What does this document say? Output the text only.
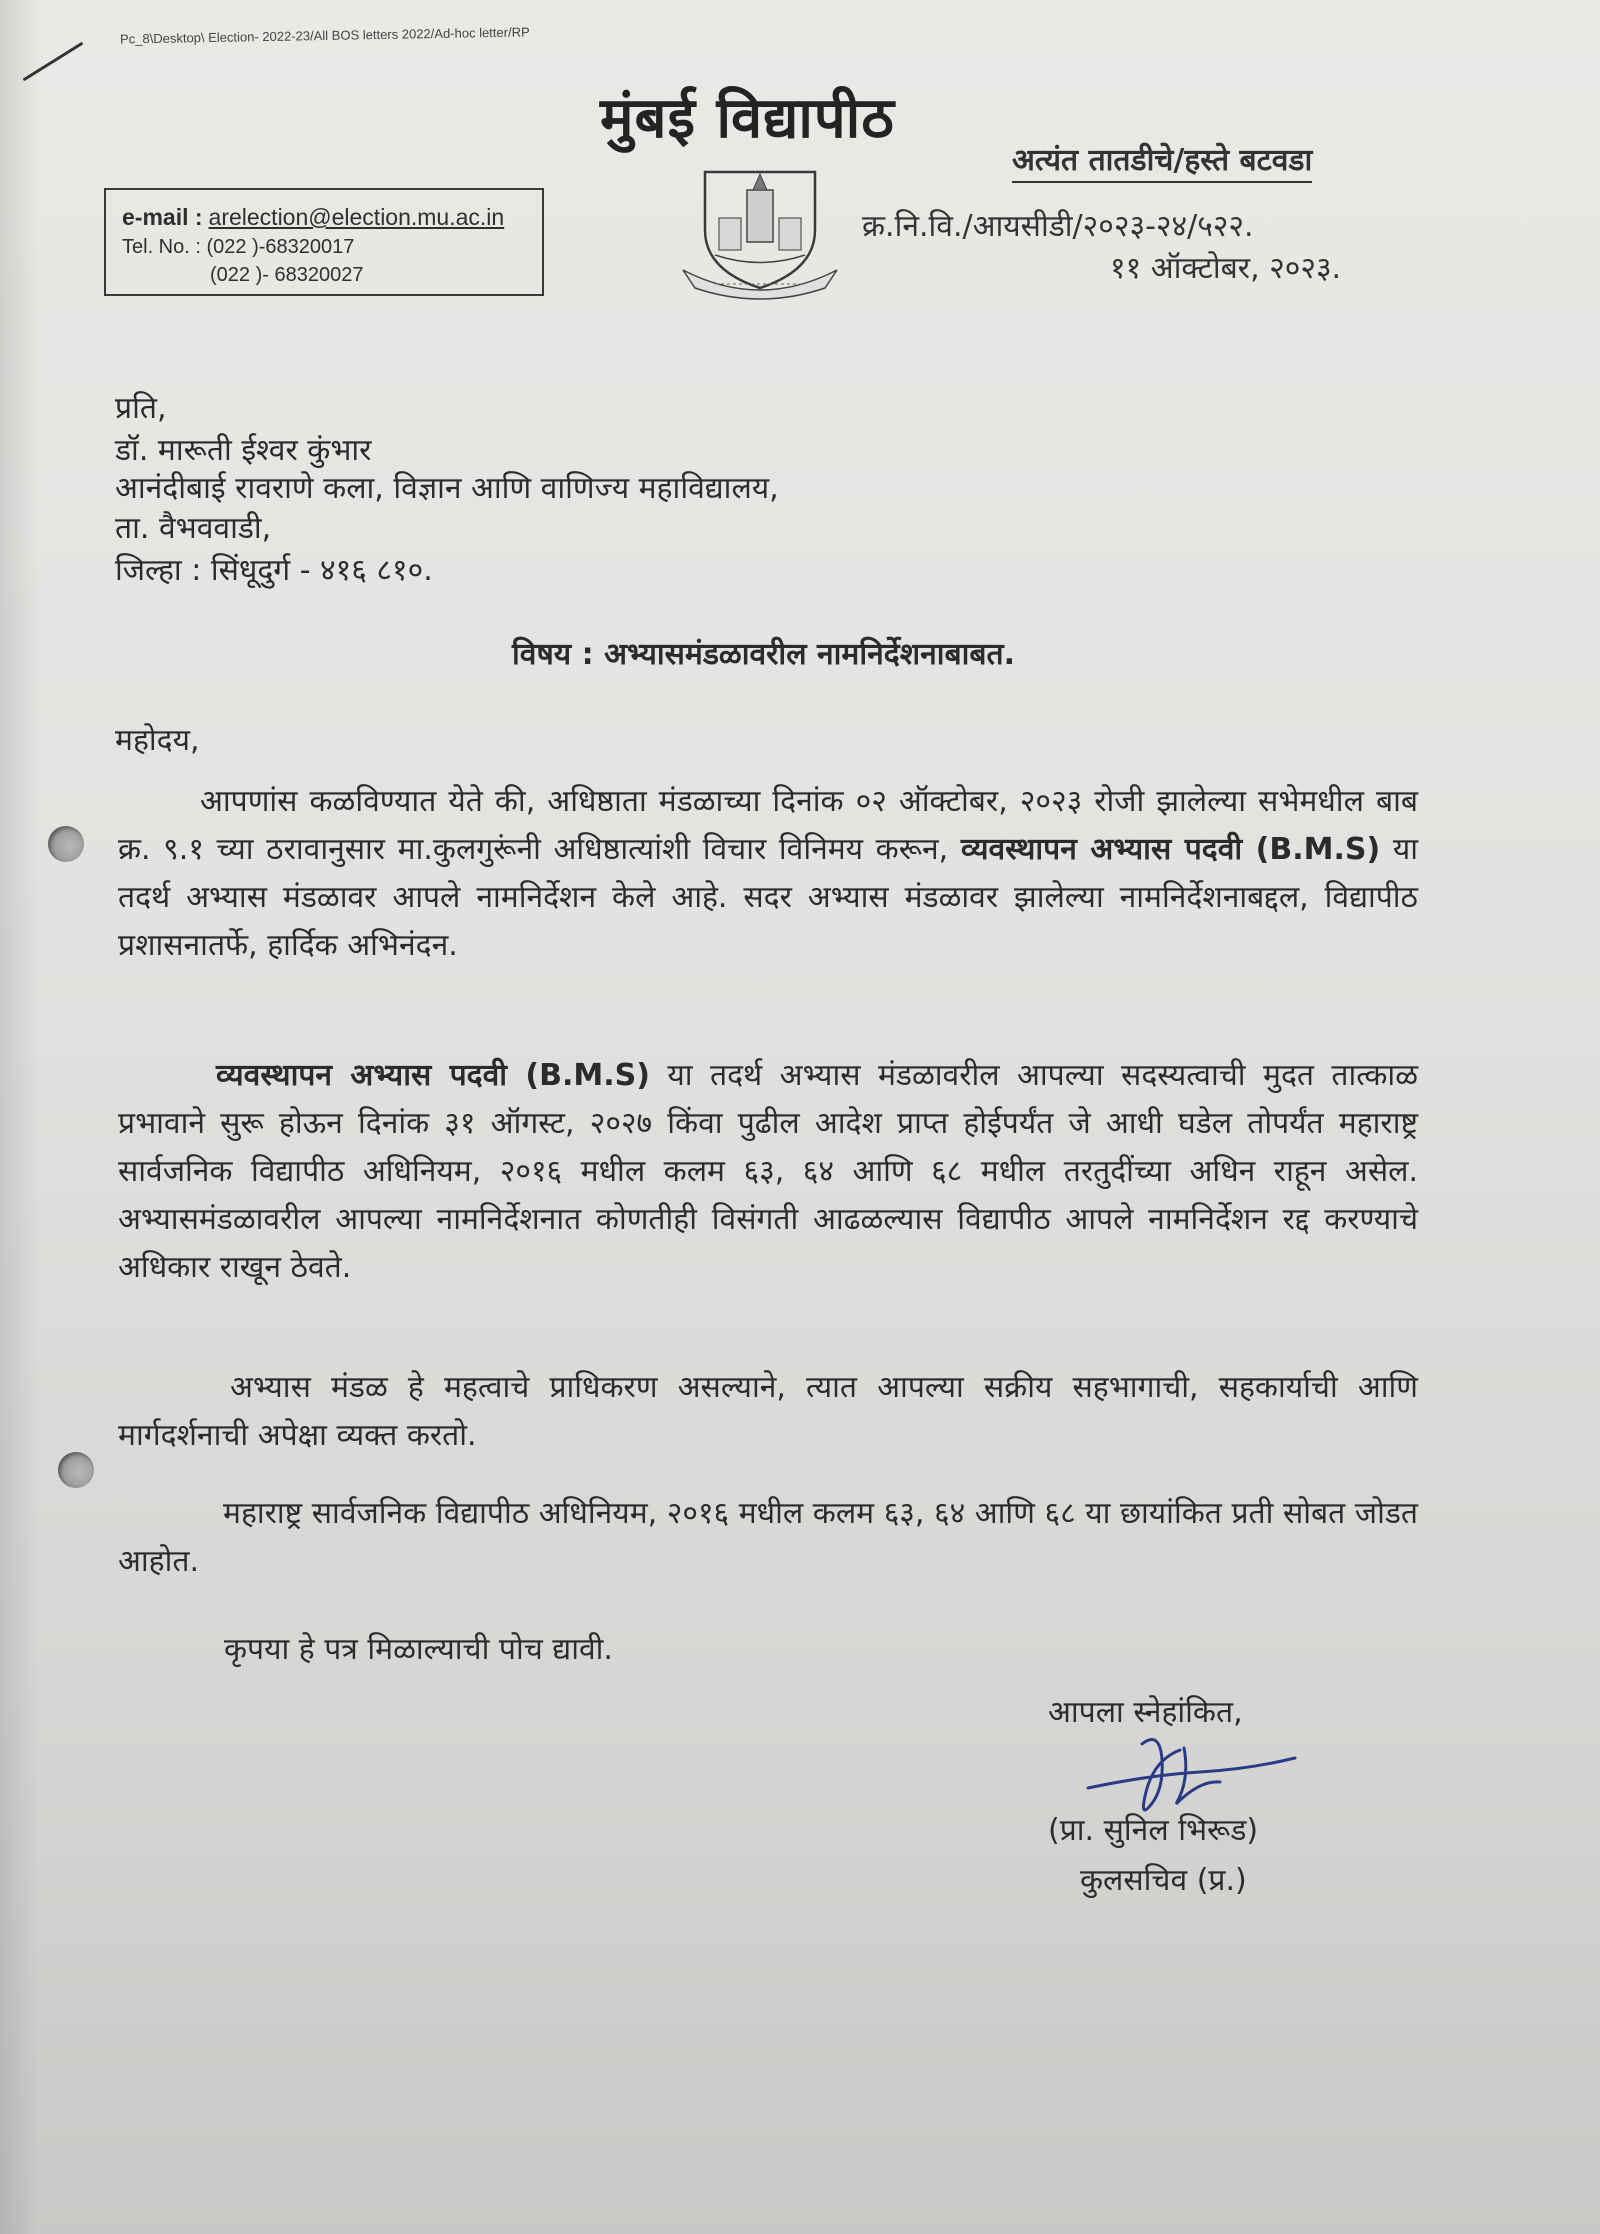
Pc_8\Desktop\ Election- 2022-23/All BOS letters 2022/Ad-hoc letter/RP
मुंबई विद्यापीठ
अत्यंत तातडीचे/हस्ते बटवडा
e-mail : arelection@election.mu.ac.in
Tel. No. : (022 )-68320017
(022 )- 68320027
क्र.नि.वि./आयसीडी/२०२३-२४/५२२.
११ ऑक्टोबर, २०२३.
प्रति,
डॉ. मारूती ईश्वर कुंभार
आनंदीबाई रावराणे कला, विज्ञान आणि वाणिज्य महाविद्यालय,
ता. वैभववाडी,
जिल्हा : सिंधूदुर्ग - ४१६ ८१०.
विषय : अभ्यासमंडळावरील नामनिर्देशनाबाबत.
महोदय,
आपणांस कळविण्यात येते की, अधिष्ठाता मंडळाच्या दिनांक ०२ ऑक्टोबर, २०२३ रोजी झालेल्या सभेमधील बाब क्र. ९.१ च्या ठरावानुसार मा.कुलगुरूंनी अधिष्ठात्यांशी विचार विनिमय करून, व्यवस्थापन अभ्यास पदवी (B.M.S) या तदर्थ अभ्यास मंडळावर आपले नामनिर्देशन केले आहे. सदर अभ्यास मंडळावर झालेल्या नामनिर्देशनाबद्दल, विद्यापीठ प्रशासनातर्फे, हार्दिक अभिनंदन.
व्यवस्थापन अभ्यास पदवी (B.M.S) या तदर्थ अभ्यास मंडळावरील आपल्या सदस्यत्वाची मुदत तात्काळ प्रभावाने सुरू होऊन दिनांक ३१ ऑगस्ट, २०२७ किंवा पुढील आदेश प्राप्त होईपर्यंत जे आधी घडेल तोपर्यंत महाराष्ट्र सार्वजनिक विद्यापीठ अधिनियम, २०१६ मधील कलम ६३, ६४ आणि ६८ मधील तरतुदींच्या अधिन राहून असेल. अभ्यासमंडळावरील आपल्या नामनिर्देशनात कोणतीही विसंगती आढळल्यास विद्यापीठ आपले नामनिर्देशन रद्द करण्याचे अधिकार राखून ठेवते.
अभ्यास मंडळ हे महत्वाचे प्राधिकरण असल्याने, त्यात आपल्या सक्रीय सहभागाची, सहकार्याची आणि मार्गदर्शनाची अपेक्षा व्यक्त करतो.
महाराष्ट्र सार्वजनिक विद्यापीठ अधिनियम, २०१६ मधील कलम ६३, ६४ आणि ६८ या छायांकित प्रती सोबत जोडत आहोत.
कृपया हे पत्र मिळाल्याची पोच द्यावी.
आपला स्नेहांकित,
(प्रा. सुनिल भिरूड)
कुलसचिव (प्र.)
